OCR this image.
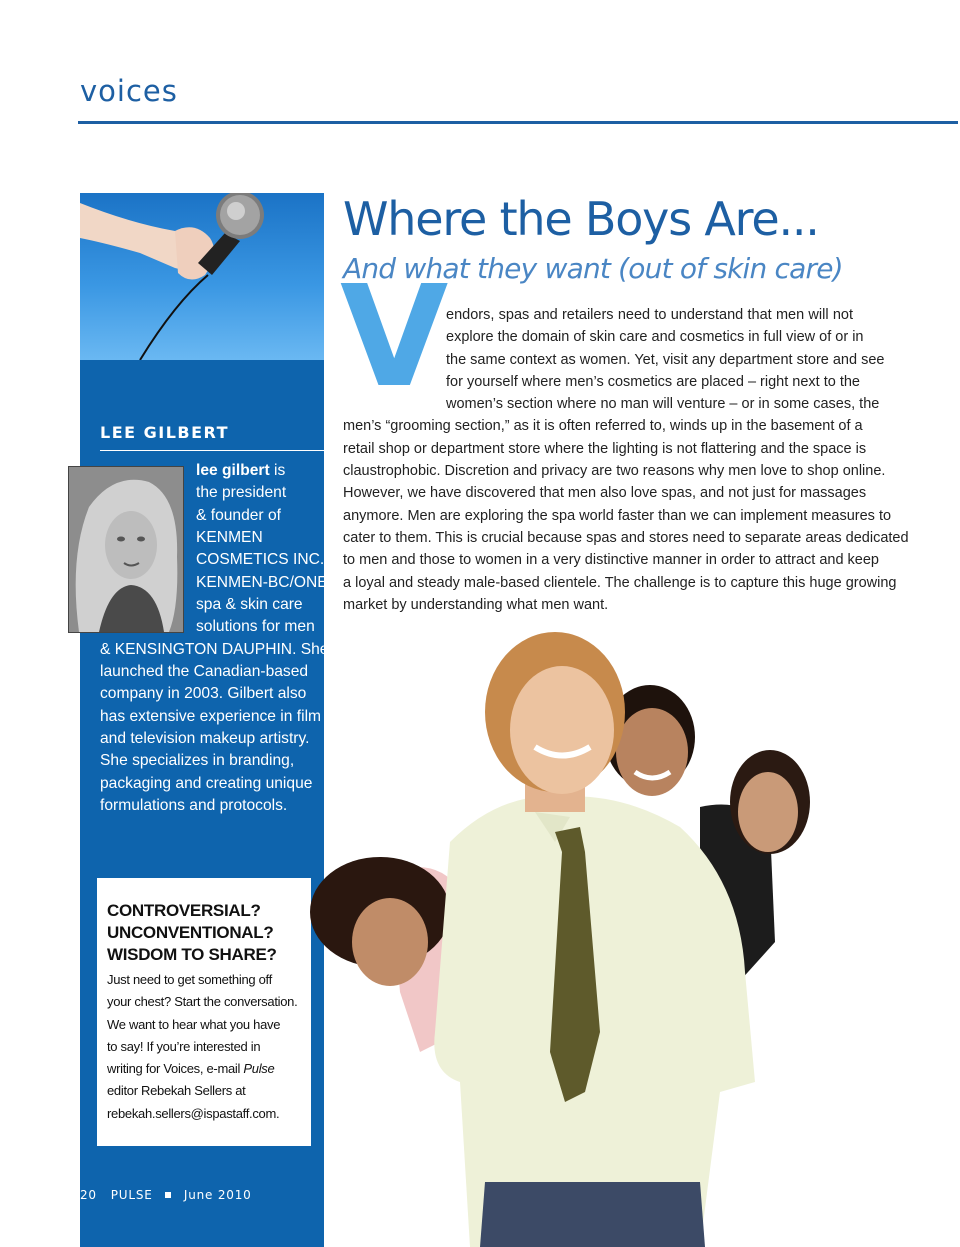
voices
LEE GILBERT
CONTROVERSIAL?
UNCONVENTIONAL?
WISDOM TO SHARE?
Just need to get something off
your chest? Start the conversation.
We want to hear what you have
to say! If you’re interested in
writing for Voices, e-mail Pulse
editor Rebekah Sellers at
rebekah.sellers@ispastaff.com.
20 PULSE	June 2010
lee gilbert is
the president
& founder of
KENMEN
COSMETICS INC. –
KENMEN-BC/ONE
spa & skin care
solutions for men
& KENSINGTON DAUPHIN. She
launched the Canadian-based
company in 2003. Gilbert also
has extensive experience in film
and television makeup artistry.
She specializes in branding,
packaging and creating unique
formulations and protocols.
Where the Boys Are...
And what they want (out of skin care)
V
endors, spas and retailers need to understand that men will not
explore the domain of skin care and cosmetics in full view of or in
the same context as women. Yet, visit any department store and see
for yourself where men’s cosmetics are placed – right next to the
women’s section where no man will venture – or in some cases, the
men’s “grooming section,” as it is often referred to, winds up in the basement of a
retail shop or department store where the lighting is not flattering and the space is
claustrophobic. Discretion and privacy are two reasons why men love to shop online.
However, we have discovered that men also love spas, and not just for massages
anymore. Men are exploring the spa world faster than we can implement measures to
cater to them. This is crucial because spas and stores need to separate areas dedicated
to men and those to women in a very distinctive manner in order to attract and keep
a loyal and steady male-based clientele. The challenge is to capture this huge growing
market by understanding what men want.
